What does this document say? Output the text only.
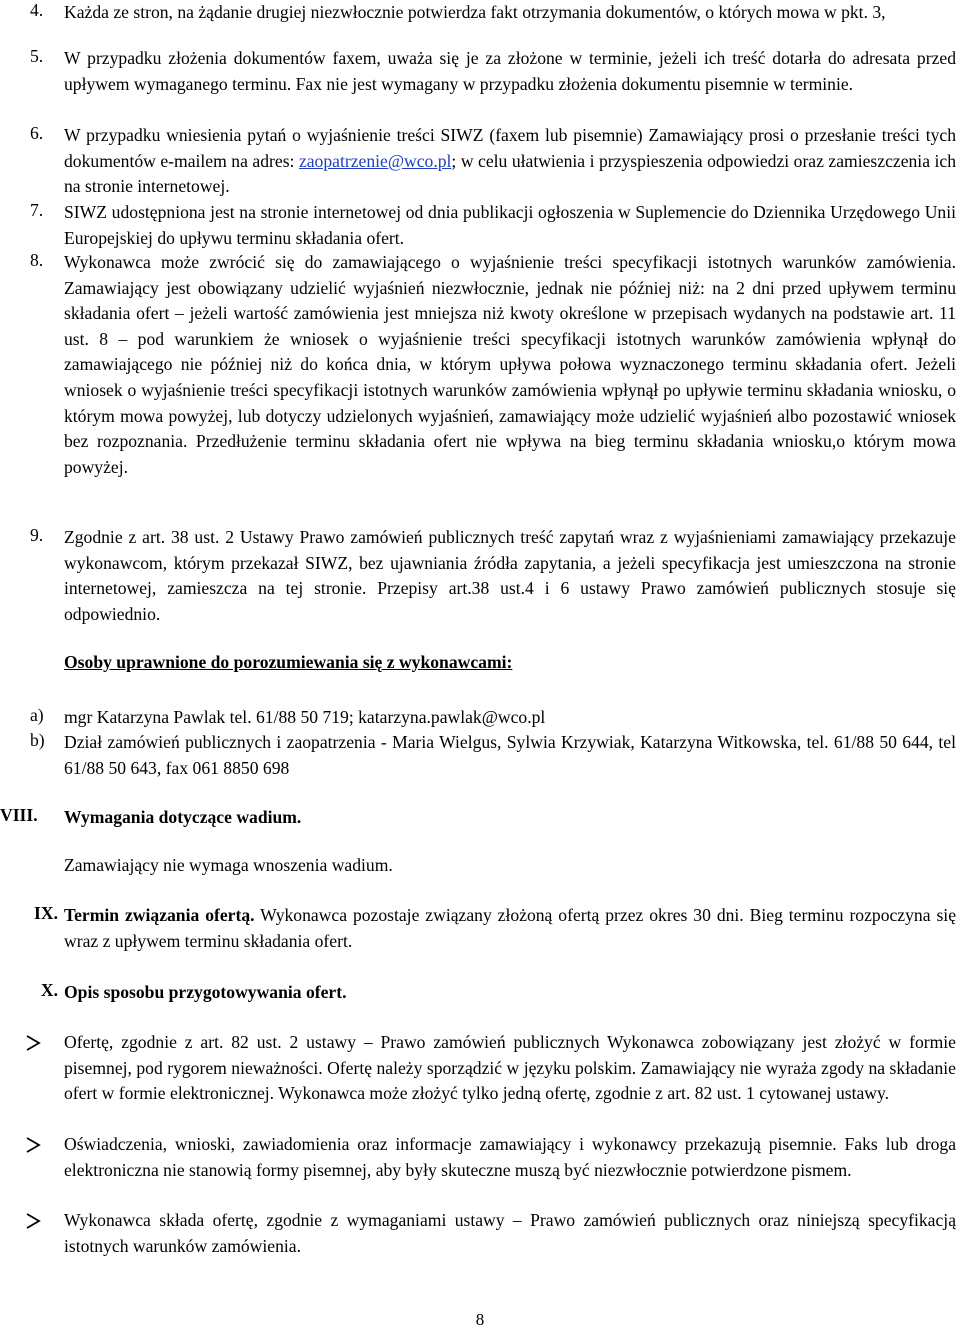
4.	Każda ze stron, na żądanie drugiej niezwłocznie potwierdza fakt otrzymania dokumentów, o których mowa w pkt. 3,
5.	W przypadku złożenia dokumentów faxem, uważa się je za złożone w terminie, jeżeli ich treść dotarła do adresata przed upływem wymaganego terminu. Fax nie jest wymagany w przypadku złożenia dokumentu pisemnie w terminie.
6.	W przypadku wniesienia pytań o wyjaśnienie treści SIWZ (faxem lub pisemnie) Zamawiający prosi o przesłanie treści tych dokumentów e-mailem na adres: zaopatrzenie@wco.pl; w celu ułatwienia i przyspieszenia odpowiedzi oraz zamieszczenia ich na stronie internetowej.
7.	SIWZ udostępniona jest na stronie internetowej od dnia publikacji ogłoszenia w Suplemencie do Dziennika Urzędowego Unii Europejskiej do upływu terminu składania ofert.
8.	Wykonawca może zwrócić się do zamawiającego o wyjaśnienie treści specyfikacji istotnych warunków zamówienia. Zamawiający jest obowiązany udzielić wyjaśnień niezwłocznie, jednak nie później niż: na 2 dni przed upływem terminu składania ofert – jeżeli wartość zamówienia jest mniejsza niż kwoty określone w przepisach wydanych na podstawie art. 11 ust. 8 – pod warunkiem że wniosek o wyjaśnienie treści specyfikacji istotnych warunków zamówienia wpłynął do zamawiającego nie później niż do końca dnia, w którym upływa połowa wyznaczonego terminu składania ofert. Jeżeli wniosek o wyjaśnienie treści specyfikacji istotnych warunków zamówienia wpłynął po upływie terminu składania wniosku, o którym mowa powyżej, lub dotyczy udzielonych wyjaśnień, zamawiający może udzielić wyjaśnień albo pozostawić wniosek bez rozpoznania. Przedłużenie terminu składania ofert nie wpływa na bieg terminu składania wniosku,o którym mowa powyżej.
9.	Zgodnie z art. 38 ust. 2 Ustawy Prawo zamówień publicznych treść zapytań wraz z wyjaśnieniami zamawiający przekazuje wykonawcom, którym przekazał SIWZ, bez ujawniania źródła zapytania, a jeżeli specyfikacja jest umieszczona na stronie internetowej, zamieszcza na tej stronie. Przepisy art.38 ust.4 i 6 ustawy Prawo zamówień publicznych stosuje się odpowiednio.
Osoby uprawnione do porozumiewania się z wykonawcami:
a)	mgr Katarzyna Pawlak tel. 61/88 50 719; katarzyna.pawlak@wco.pl
b)	Dział zamówień publicznych i zaopatrzenia - Maria Wielgus, Sylwia Krzywiak, Katarzyna Witkowska, tel. 61/88 50 644, tel 61/88 50 643, fax 061 8850 698
VIII.	Wymagania dotyczące wadium.
Zamawiający nie wymaga wnoszenia wadium.
IX. Termin związania ofertą. Wykonawca pozostaje związany złożoną ofertą przez okres 30 dni. Bieg terminu rozpoczyna się wraz z upływem terminu składania ofert.
X. Opis sposobu przygotowywania ofert.
Ofertę, zgodnie z art. 82 ust. 2 ustawy – Prawo zamówień publicznych Wykonawca zobowiązany jest złożyć w formie pisemnej, pod rygorem nieważności. Ofertę należy sporządzić w języku polskim. Zamawiający nie wyraża zgody na składanie ofert w formie elektronicznej. Wykonawca może złożyć tylko jedną ofertę, zgodnie z art. 82 ust. 1 cytowanej ustawy.
Oświadczenia, wnioski, zawiadomienia oraz informacje zamawiający i wykonawcy przekazują pisemnie. Faks lub droga elektroniczna nie stanowią formy pisemnej, aby były skuteczne muszą być niezwłocznie potwierdzone pismem.
Wykonawca składa ofertę, zgodnie z wymaganiami ustawy – Prawo zamówień publicznych oraz niniejszą specyfikacją istotnych warunków zamówienia.
8
